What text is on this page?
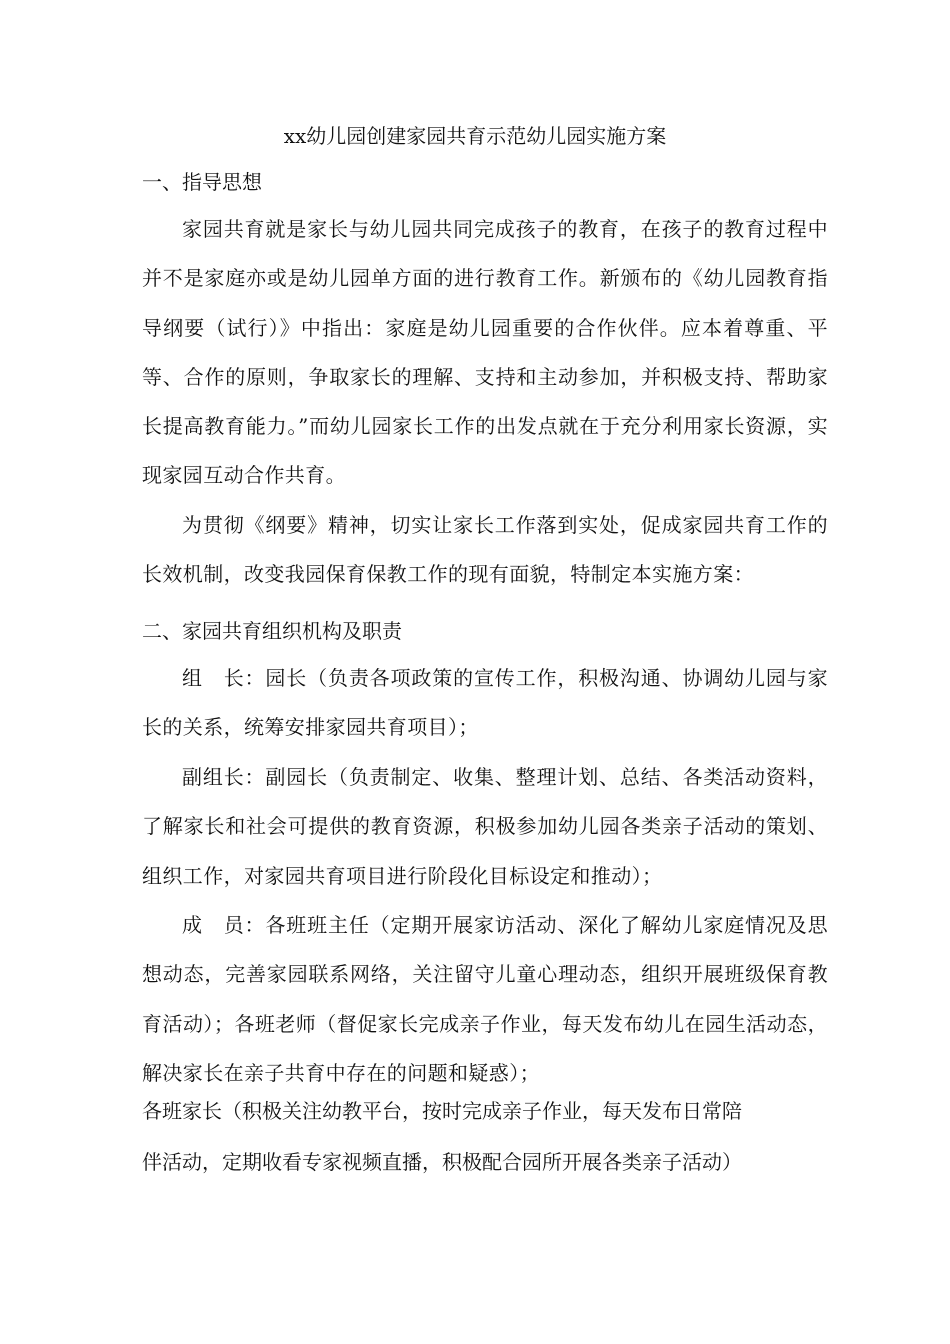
xx幼儿园创建家园共育示范幼儿园实施方案
一、指导思想

家园共育就是家长与幼儿园共同完成孩子的教育，在孩子的教育过程中并不是家庭亦或是幼儿园单方面的进行教育工作。新颁布的《幼儿园教育指导纲要（试行）》中指出：家庭是幼儿园重要的合作伙伴。应本着尊重、平等、合作的原则，争取家长的理解、支持和主动参加，并积极支持、帮助家长提高教育能力。”而幼儿园家长工作的出发点就在于充分利用家长资源，实现家园互动合作共育。

为贯彻《纲要》精神，切实让家长工作落到实处，促成家园共育工作的长效机制，改变我园保育保教工作的现有面貌，特制定本实施方案：

二、家园共育组织机构及职责

组　长：园长（负责各项政策的宣传工作，积极沟通、协调幼儿园与家长的关系，统筹安排家园共育项目）；

副组长：副园长（负责制定、收集、整理计划、总结、各类活动资料，了解家长和社会可提供的教育资源，积极参加幼儿园各类亲子活动的策划、组织工作，对家园共育项目进行阶段化目标设定和推动）；

成　员：各班班主任（定期开展家访活动、深化了解幼儿家庭情况及思想动态，完善家园联系网络，关注留守儿童心理动态，组织开展班级保育教育活动）；各班老师（督促家长完成亲子作业，每天发布幼儿在园生活动态，解决家长在亲子共育中存在的问题和疑惑）；

各班家长（积极关注幼教平台，按时完成亲子作业，每天发布日常陪
伴活动，定期收看专家视频直播，积极配合园所开展各类亲子活动）
